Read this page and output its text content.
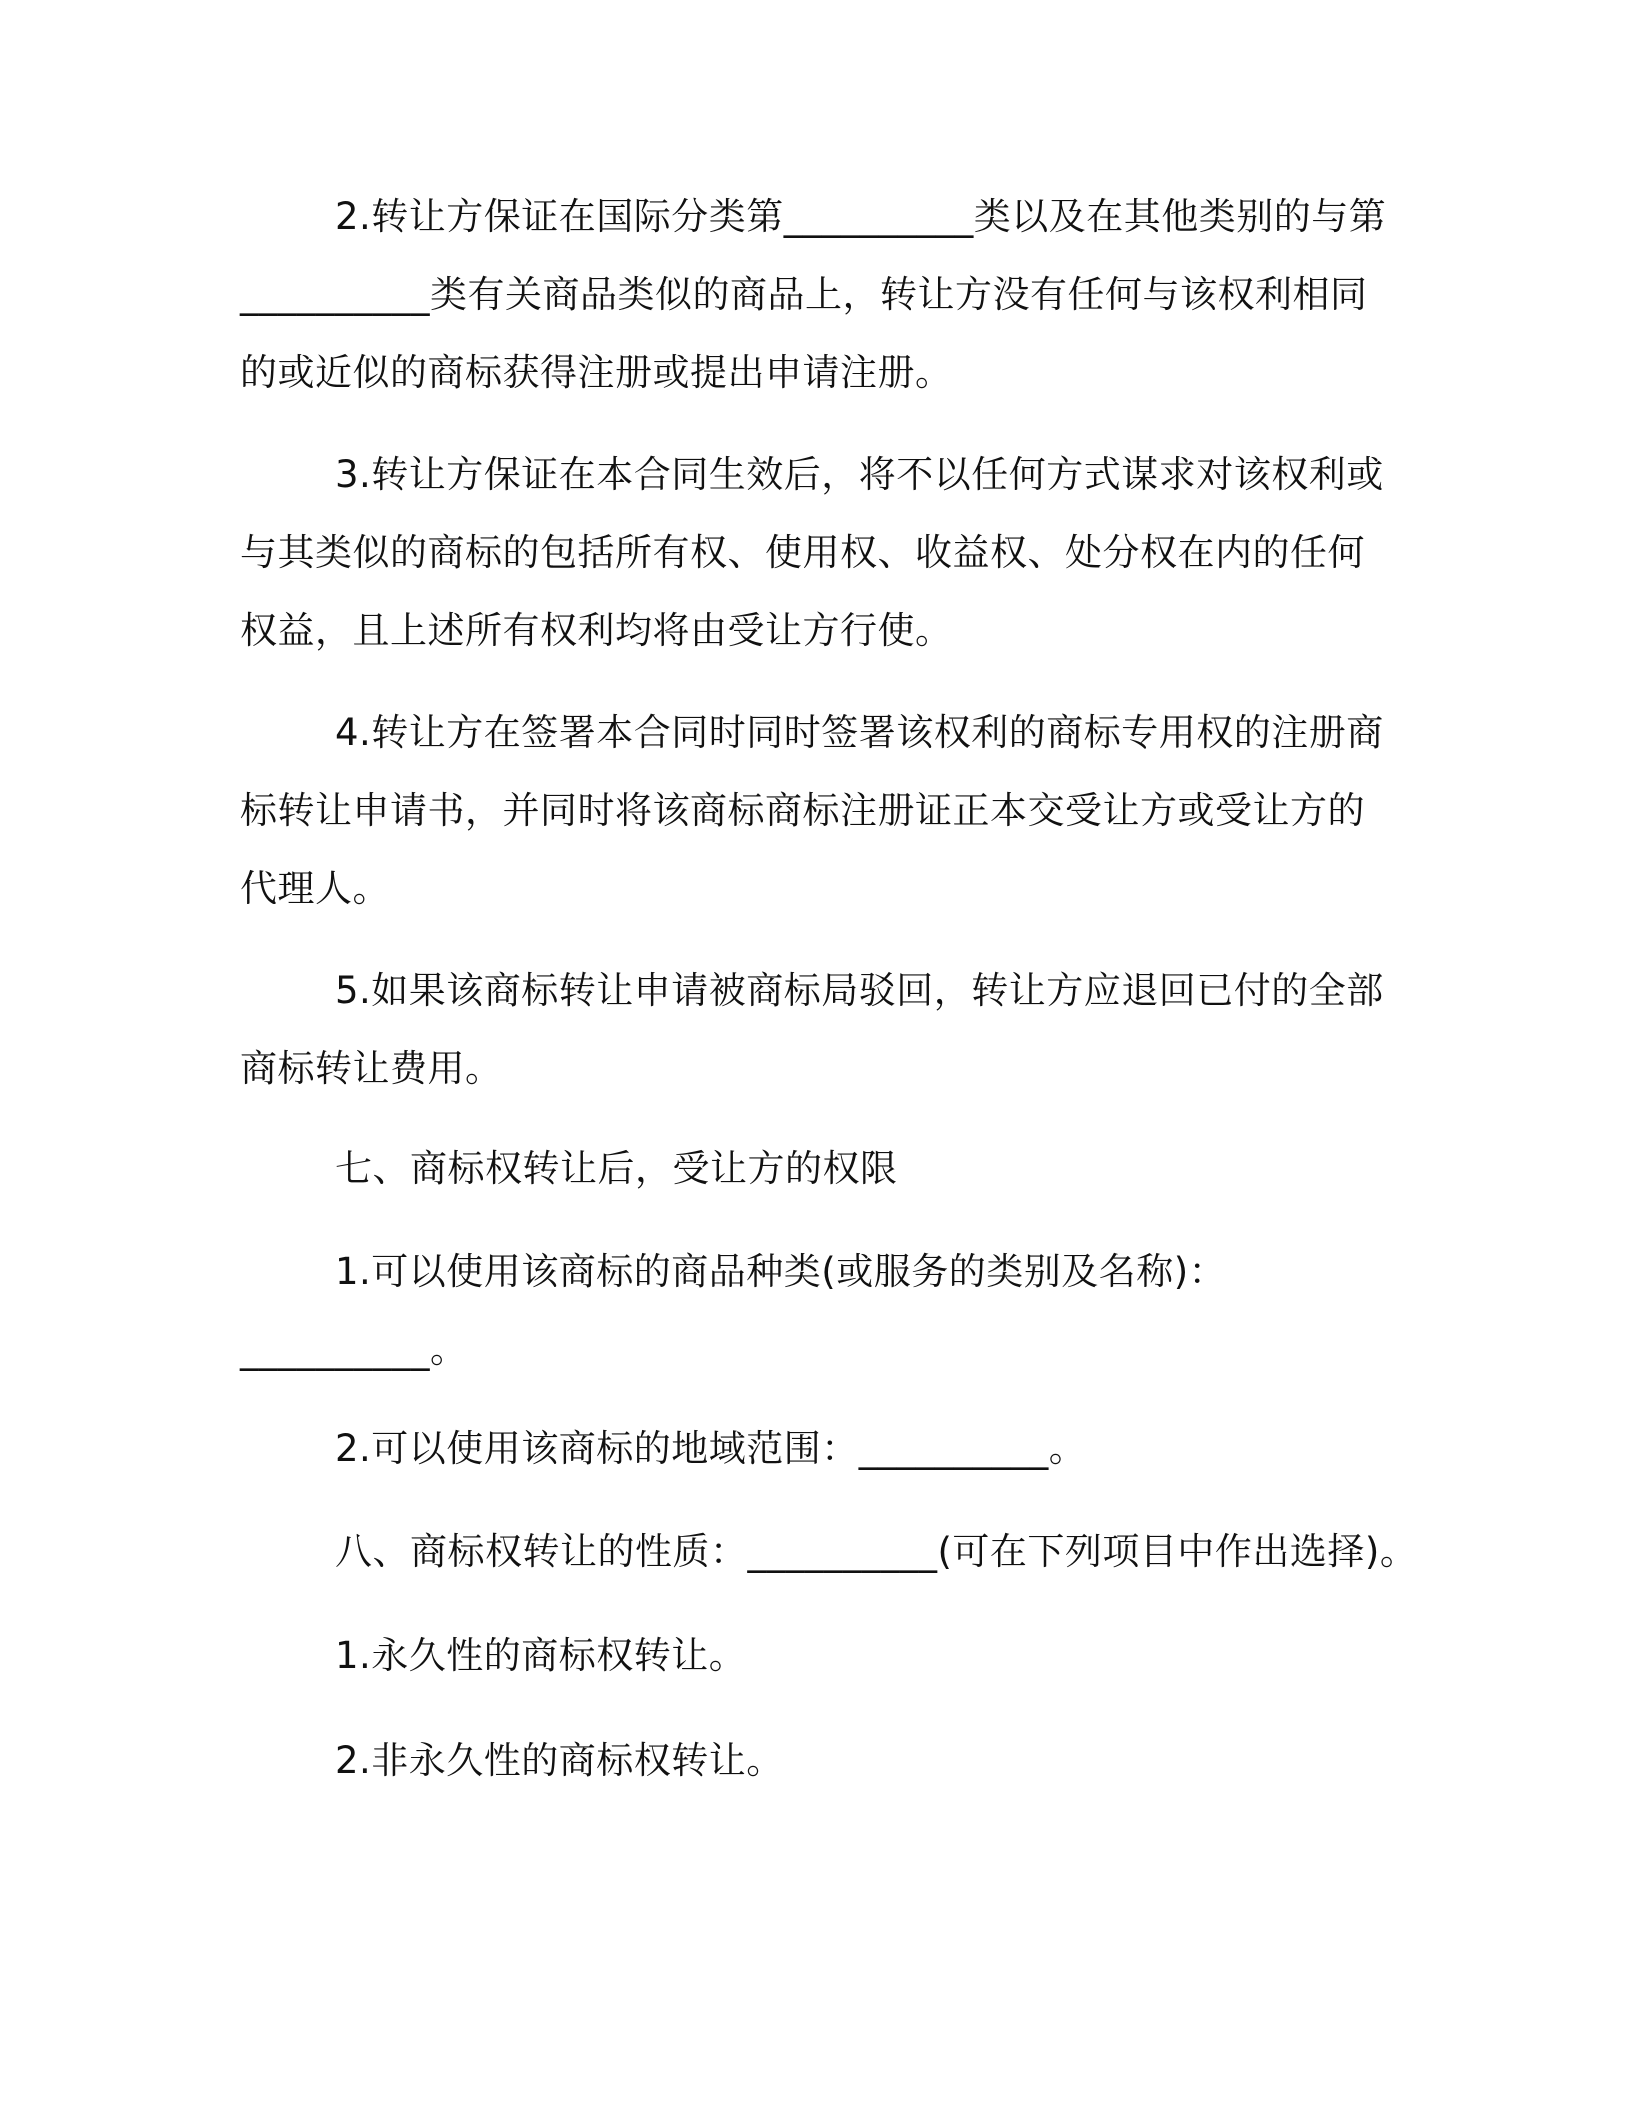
2.转让方保证在国际分类第__________类以及在其他类别的与第
__________类有关商品类似的商品上，转让方没有任何与该权利相同
的或近似的商标获得注册或提出申请注册。
3.转让方保证在本合同生效后，将不以任何方式谋求对该权利或
与其类似的商标的包括所有权、使用权、收益权、处分权在内的任何
权益，且上述所有权利均将由受让方行使。
4.转让方在签署本合同时同时签署该权利的商标专用权的注册商
标转让申请书，并同时将该商标商标注册证正本交受让方或受让方的
代理人。
5.如果该商标转让申请被商标局驳回，转让方应退回已付的全部
商标转让费用。
七、商标权转让后，受让方的权限
1.可以使用该商标的商品种类(或服务的类别及名称)：
__________。
2.可以使用该商标的地域范围：__________。
八、商标权转让的性质：__________(可在下列项目中作出选择)。
1.永久性的商标权转让。
2.非永久性的商标权转让。
